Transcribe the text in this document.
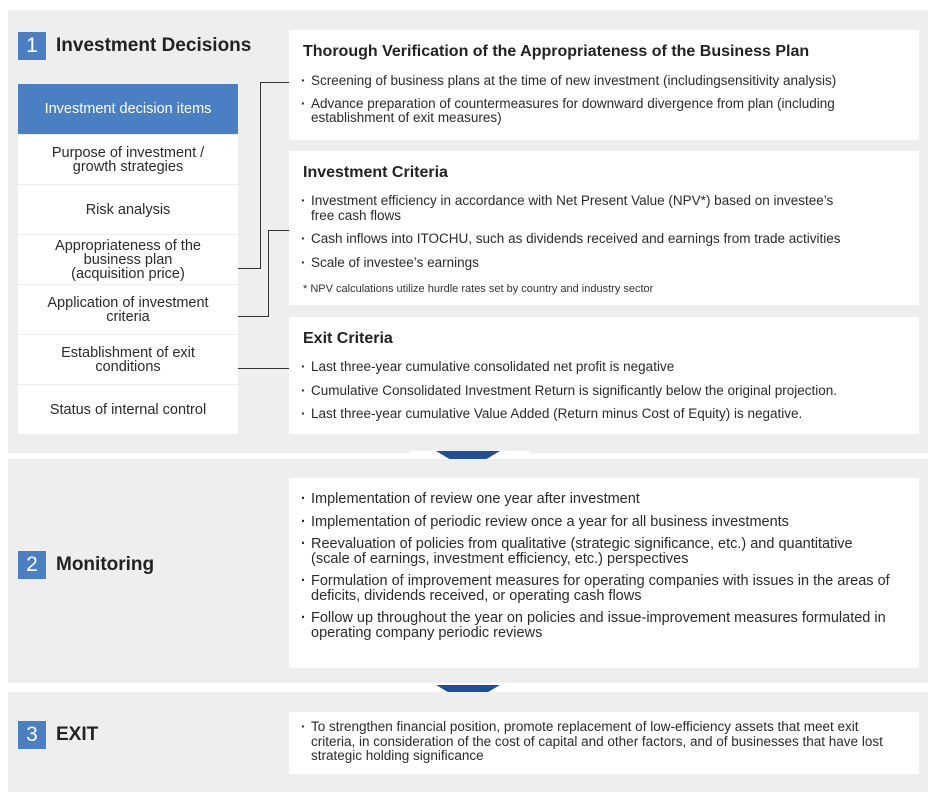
1 Investment Decisions
Investment decision items
Purpose of investment / growth strategies
Risk analysis
Appropriateness of the business plan (acquisition price)
Application of investment criteria
Establishment of exit conditions
Status of internal control
Thorough Verification of the Appropriateness of the Business Plan
· Screening of business plans at the time of new investment (includingsensitivity analysis)
· Advance preparation of countermeasures for downward divergence from plan (including establishment of exit measures)
Investment Criteria
· Investment efficiency in accordance with Net Present Value (NPV*) based on investee’s free cash flows
· Cash inflows into ITOCHU, such as dividends received and earnings from trade activities
· Scale of investee’s earnings
* NPV calculations utilize hurdle rates set by country and industry sector
Exit Criteria
· Last three-year cumulative consolidated net profit is negative
· Cumulative Consolidated Investment Return is significantly below the original projection.
· Last three-year cumulative Value Added (Return minus Cost of Equity) is negative.
2 Monitoring
· Implementation of review one year after investment
· Implementation of periodic review once a year for all business investments
· Reevaluation of policies from qualitative (strategic significance, etc.) and quantitative (scale of earnings, investment efficiency, etc.) perspectives
· Formulation of improvement measures for operating companies with issues in the areas of deficits, dividends received, or operating cash flows
· Follow up throughout the year on policies and issue-improvement measures formulated in operating company periodic reviews
3 EXIT
·	To strengthen financial position, promote replacement of low-efficiency assets that meet exit criteria, in consideration of the cost of capital and other factors, and of businesses that have lost strategic holding significance
